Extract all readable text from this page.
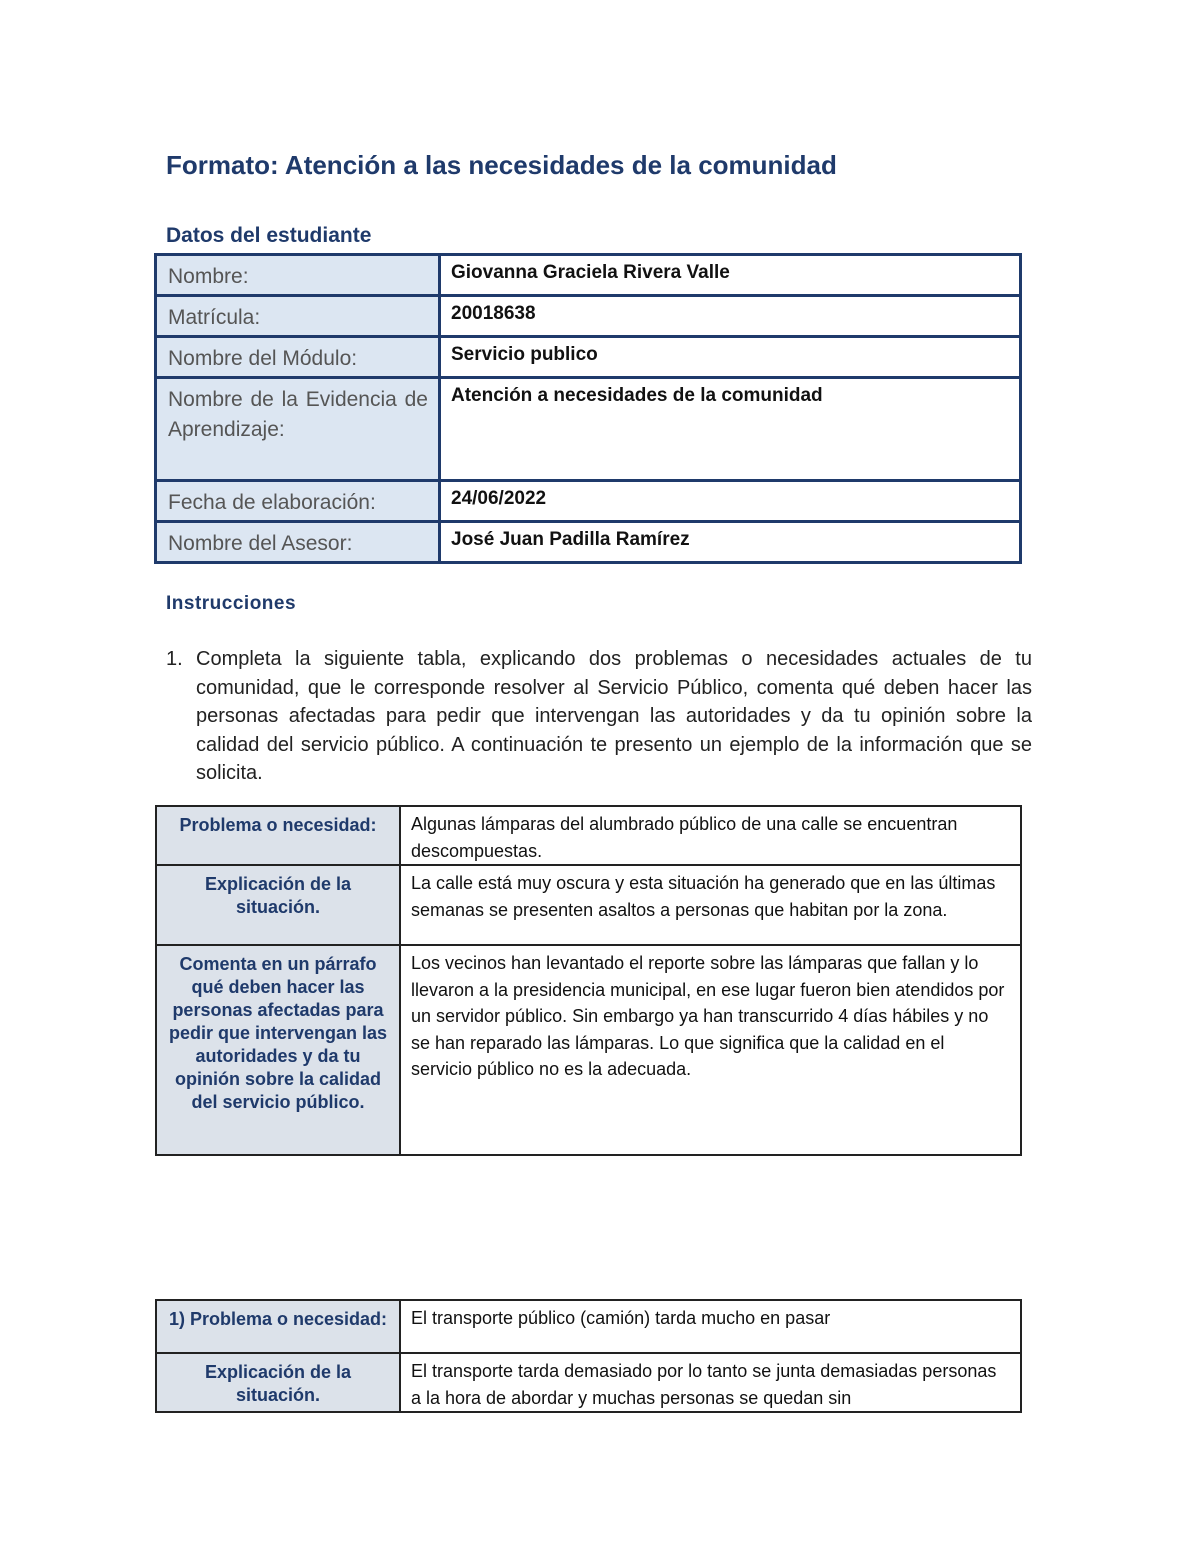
Formato: Atención a las necesidades de la comunidad
Datos del estudiante
Nombre:	Giovanna Graciela Rivera Valle
Matrícula:	20018638
Nombre del Módulo:	Servicio publico
Nombre de la Evidencia de Aprendizaje:	Atención a necesidades de la comunidad
Fecha de elaboración:	24/06/2022
Nombre del Asesor:	José Juan Padilla Ramírez
Instrucciones
1. Completa la siguiente tabla, explicando dos problemas o necesidades actuales de tu comunidad, que le corresponde resolver al Servicio Público, comenta qué deben hacer las personas afectadas para pedir que intervengan las autoridades y da tu opinión sobre la calidad del servicio público. A continuación te presento un ejemplo de la información que se solicita.
Problema o necesidad:	Algunas lámparas del alumbrado público de una calle se encuentran descompuestas.
Explicación de la situación.	La calle está muy oscura y esta situación ha generado que en las últimas semanas se presenten asaltos a personas que habitan por la zona.
Comenta en un párrafo qué deben hacer las personas afectadas para pedir que intervengan las autoridades y da tu opinión sobre la calidad del servicio público.	Los vecinos han levantado el reporte sobre las lámparas que fallan y lo llevaron a la presidencia municipal, en ese lugar fueron bien atendidos por un servidor público. Sin embargo ya han transcurrido 4 días hábiles y no se han reparado las lámparas. Lo que significa que la calidad en el servicio público no es la adecuada.
1) Problema o necesidad:	El transporte público (camión) tarda mucho en pasar
Explicación de la situación.	El transporte tarda demasiado por lo tanto se junta demasiadas personas a la hora de abordar y muchas personas se quedan sin
